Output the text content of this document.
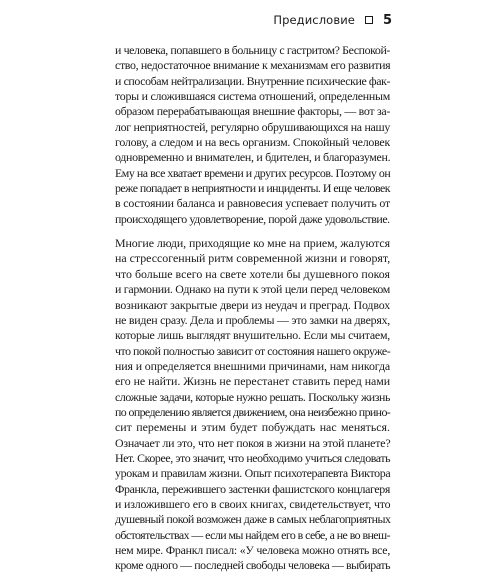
Предисловие 5
и человека, попавшего в больницу с гастритом? Беспокой-
ство, недостаточное внимание к механизмам его развития
и способам нейтрализации. Внутренние психические фак-
торы и сложившаяся система отношений, определенным
образом перерабатывающая внешние факторы, — вот за-
лог неприятностей, регулярно обрушивающихся на нашу
голову, а следом и на весь организм. Спокойный человек
одновременно и внимателен, и бдителен, и благоразумен.
Ему на все хватает времени и других ресурсов. Поэтому он
реже попадает в неприятности и инциденты. И еще человек
в состоянии баланса и равновесия успевает получить от
происходящего удовлетворение, порой даже удовольствие.
Многие люди, приходящие ко мне на прием, жалуются
на стрессогенный ритм современной жизни и говорят,
что больше всего на свете хотели бы душевного покоя
и гармонии. Однако на пути к этой цели перед человеком
возникают закрытые двери из неудач и преград. Подвох
не виден сразу. Дела и проблемы — это замки на дверях,
которые лишь выглядят внушительно. Если мы считаем,
что покой полностью зависит от состояния нашего окруже-
ния и определяется внешними причинами, нам никогда
его не найти. Жизнь не перестанет ставить перед нами
сложные задачи, которые нужно решать. Поскольку жизнь
по определению является движением, она неизбежно прино-
сит перемены и этим будет побуждать нас меняться.
Означает ли это, что нет покоя в жизни на этой планете?
Нет. Скорее, это значит, что необходимо учиться следовать
урокам и правилам жизни. Опыт психотерапевта Виктора
Франкла, пережившего застенки фашистского концлагеря
и изложившего его в своих книгах, свидетельствует, что
душевный покой возможен даже в самых неблагоприятных
обстоятельствах — если мы найдем его в себе, а не во внеш-
нем мире. Франкл писал: «У человека можно отнять все,
кроме одного — последней свободы человека — выбирать
